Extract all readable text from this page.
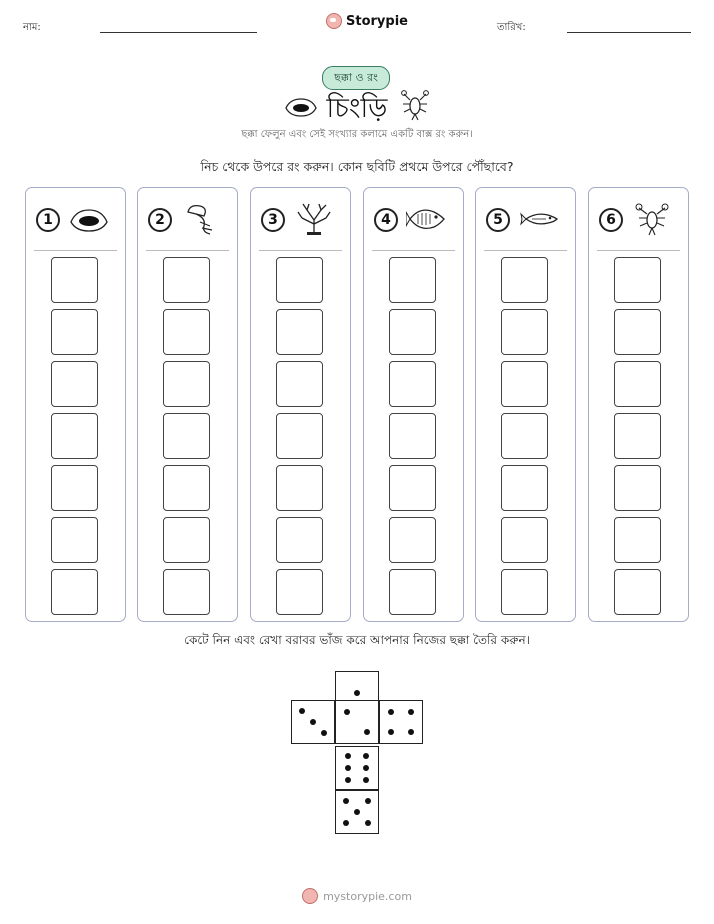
নাম:	Storypie	তারিখ:
ছক্কা ও রং
চিংড়ি
ছক্কা ফেলুন এবং সেই সংখ্যার কলামে একটি বাক্স রং করুন।
নিচ থেকে উপরে রং করুন। কোন ছবিটি প্রথমে উপরে পৌঁছাবে?
1	2	3	4	5	6
কেটে নিন এবং রেখা বরাবর ভাঁজ করে আপনার নিজের ছক্কা তৈরি করুন।
mystorypie.com
